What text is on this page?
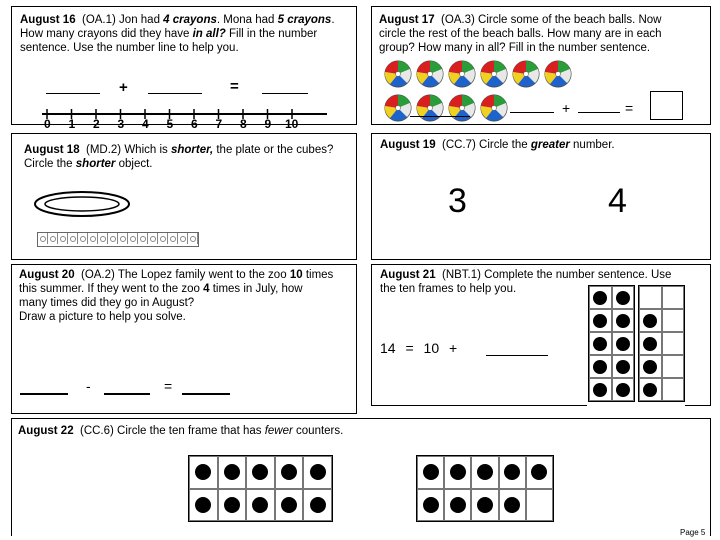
August 16 (OA.1) Jon had 4 crayons. Mona had 5 crayons.
How many crayons did they have in all? Fill in the number
sentence. Use the number line to help you.
+	=
0 1 2 3 4 5 6 7 8 9 10
August 17 (OA.3) Circle some of the beach balls. Now
circle the rest of the beach balls. How many are in each
group? How many in all? Fill in the number sentence.
+	=
August 18 (MD.2) Which is shorter, the plate or the cubes?
Circle the shorter object.
August 19 (CC.7) Circle the greater number.
3	4
August 20 (OA.2) The Lopez family went to the zoo 10 times
this summer. If they went to the zoo 4 times in July, how
many times did they go in August?
Draw a picture to help you solve.
-	=
August 21 (NBT.1) Complete the number sentence. Use
the ten frames to help you.
14 = 10 +
August 22 (CC.6) Circle the ten frame that has fewer counters.
Page 5
